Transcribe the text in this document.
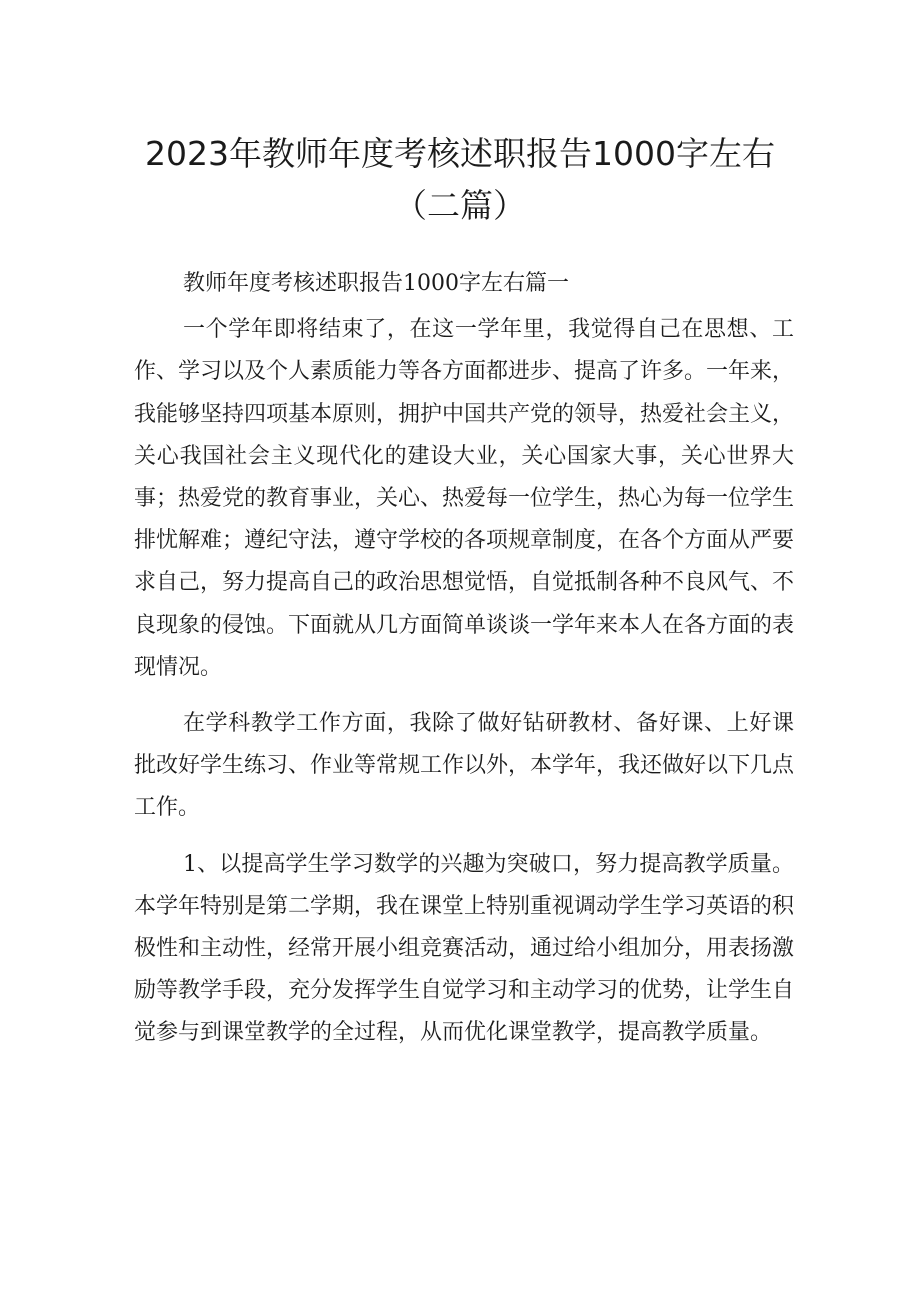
2023年教师年度考核述职报告1000字左右（二篇）

教师年度考核述职报告1000字左右篇一

一个学年即将结束了，在这一学年里，我觉得自己在思想、工作、学习以及个人素质能力等各方面都进步、提高了许多。一年来，我能够坚持四项基本原则，拥护中国共产党的领导，热爱社会主义，关心我国社会主义现代化的建设大业，关心国家大事，关心世界大事；热爱党的教育事业，关心、热爱每一位学生，热心为每一位学生排忧解难；遵纪守法，遵守学校的各项规章制度，在各个方面从严要求自己，努力提高自己的政治思想觉悟，自觉抵制各种不良风气、不良现象的侵蚀。下面就从几方面简单谈谈一学年来本人在各方面的表现情况。

在学科教学工作方面，我除了做好钻研教材、备好课、上好课批改好学生练习、作业等常规工作以外，本学年，我还做好以下几点工作。

1、以提高学生学习数学的兴趣为突破口，努力提高教学质量。本学年特别是第二学期，我在课堂上特别重视调动学生学习英语的积极性和主动性，经常开展小组竞赛活动，通过给小组加分，用表扬激励等教学手段，充分发挥学生自觉学习和主动学习的优势，让学生自觉参与到课堂教学的全过程，从而优化课堂教学，提高教学质量。
